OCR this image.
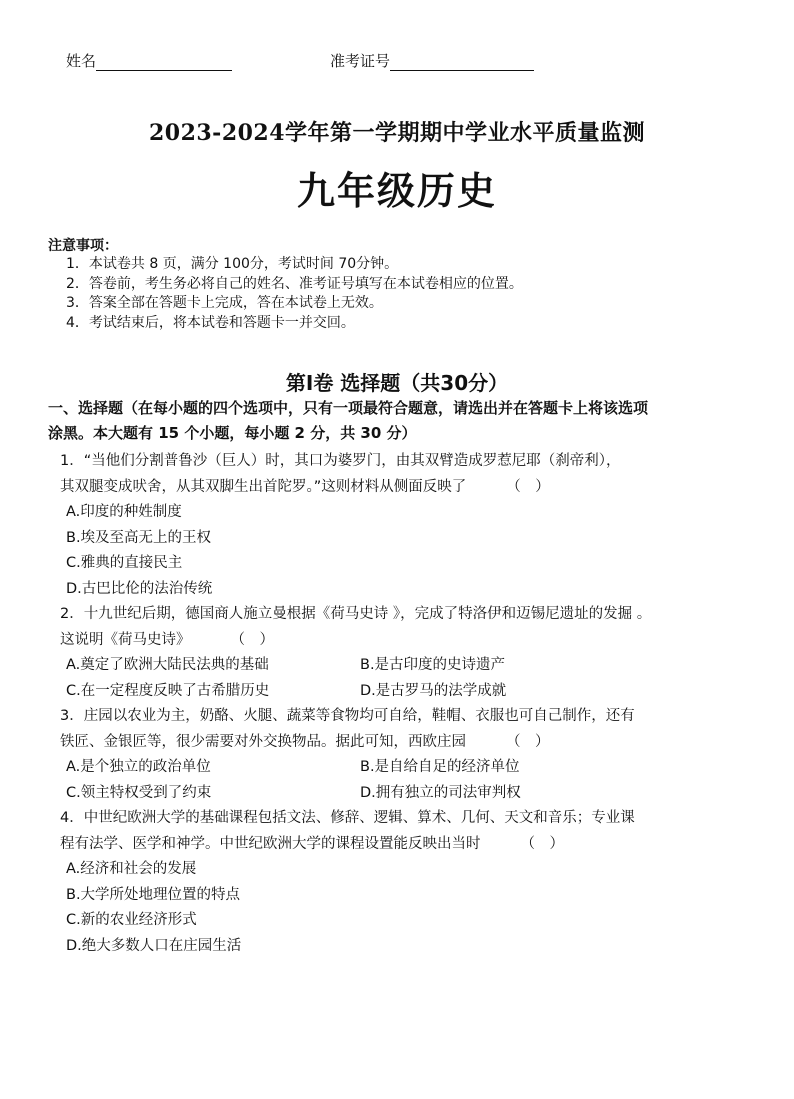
姓名	准考证号
2023-2024学年第一学期期中学业水平质量监测
九年级历史
注意事项：
1．本试卷共 8 页，满分 100分，考试时间 70分钟。
2．答卷前，考生务必将自己的姓名、准考证号填写在本试卷相应的位置。
3．答案全部在答题卡上完成，答在本试卷上无效。
4．考试结束后，将本试卷和答题卡一并交回。
第Ⅰ卷 选择题（共30分）
一、选择题（在每小题的四个选项中，只有一项最符合题意，请选出并在答题卡上将该选项
涂黑。本大题有 15 个小题，每小题 2 分，共 30 分）
1．“当他们分割普鲁沙（巨人）时，其口为婆罗门，由其双臂造成罗惹尼耶（刹帝利），
其双腿变成吠舍，从其双脚生出首陀罗。”这则材料从侧面反映了	（　）
A.印度的种姓制度
B.埃及至高无上的王权
C.雅典的直接民主
D.古巴比伦的法治传统
2．十九世纪后期，德国商人施立曼根据《荷马史诗 》，完成了特洛伊和迈锡尼遗址的发掘 。
这说明《荷马史诗》	（　）
A.奠定了欧洲大陆民法典的基础	B.是古印度的史诗遗产
C.在一定程度反映了古希腊历史	D.是古罗马的法学成就
3．庄园以农业为主，奶酪、火腿、蔬菜等食物均可自给，鞋帽、衣服也可自己制作，还有
铁匠、金银匠等，很少需要对外交换物品。据此可知，西欧庄园	（　）
A.是个独立的政治单位	B.是自给自足的经济单位
C.领主特权受到了约束	D.拥有独立的司法审判权
4．中世纪欧洲大学的基础课程包括文法、修辞、逻辑、算术、几何、天文和音乐；专业课
程有法学、医学和神学。中世纪欧洲大学的课程设置能反映出当时	（　）
A.经济和社会的发展
B.大学所处地理位置的特点
C.新的农业经济形式
D.绝大多数人口在庄园生活
